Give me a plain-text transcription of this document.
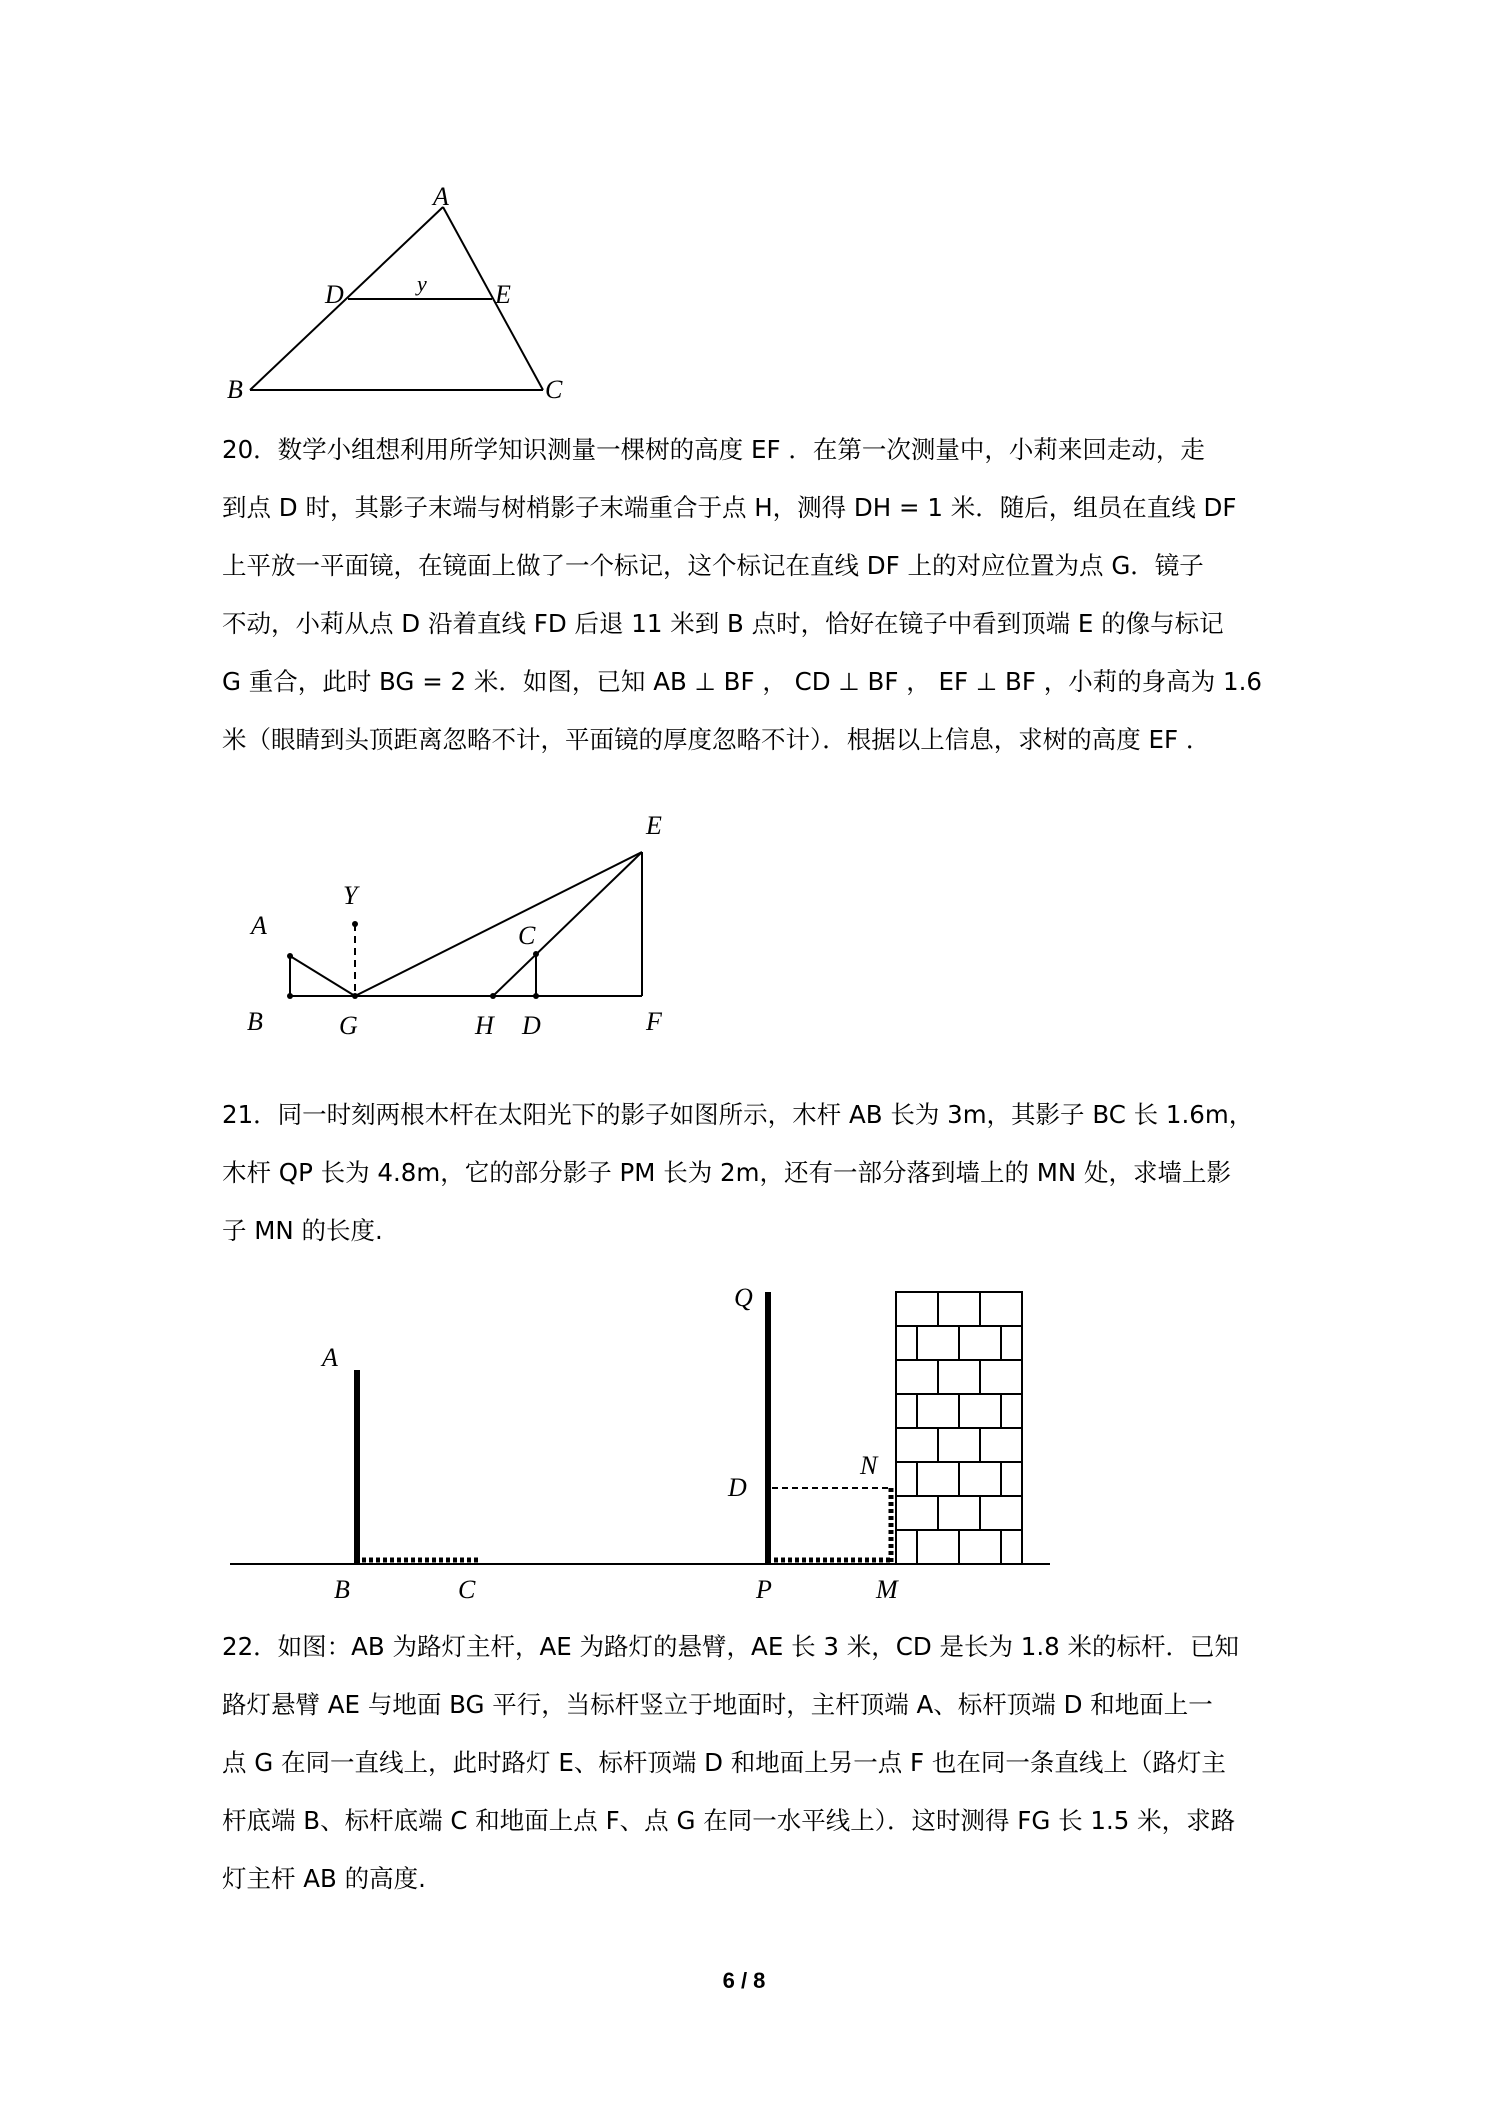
A
D	E
y
B	C
20．数学小组想利用所学知识测量一棵树的高度 EF ．在第一次测量中，小莉来回走动，走
到点 D 时，其影子末端与树梢影子末端重合于点 H，测得 DH = 1 米．随后，组员在直线 DF
上平放一平面镜，在镜面上做了一个标记，这个标记在直线 DF 上的对应位置为点 G．镜子
不动，小莉从点 D 沿着直线 FD 后退 11 米到 B 点时，恰好在镜子中看到顶端 E 的像与标记
G 重合，此时 BG = 2 米．如图，已知 AB ⊥ BF ， CD ⊥ BF ， EF ⊥ BF ，小莉的身高为 1.6
米（眼睛到头顶距离忽略不计，平面镜的厚度忽略不计）．根据以上信息，求树的高度 EF ．
A
Y
C
E
B	G	H D	F
21．同一时刻两根木杆在太阳光下的影子如图所示，木杆 AB 长为 3m，其影子 BC 长 1.6m，
木杆 QP 长为 4.8m，它的部分影子 PM 长为 2m，还有一部分落到墙上的 MN 处，求墙上影
子 MN 的长度.
A
B	C
Q
D
N
P	M
22．如图：AB 为路灯主杆，AE 为路灯的悬臂，AE 长 3 米，CD 是长为 1.8 米的标杆．已知
路灯悬臂 AE 与地面 BG 平行，当标杆竖立于地面时，主杆顶端 A、标杆顶端 D 和地面上一
点 G 在同一直线上，此时路灯 E、标杆顶端 D 和地面上另一点 F 也在同一条直线上（路灯主
杆底端 B、标杆底端 C 和地面上点 F、点 G 在同一水平线上）．这时测得 FG 长 1.5 米，求路
灯主杆 AB 的高度.
6 / 8
